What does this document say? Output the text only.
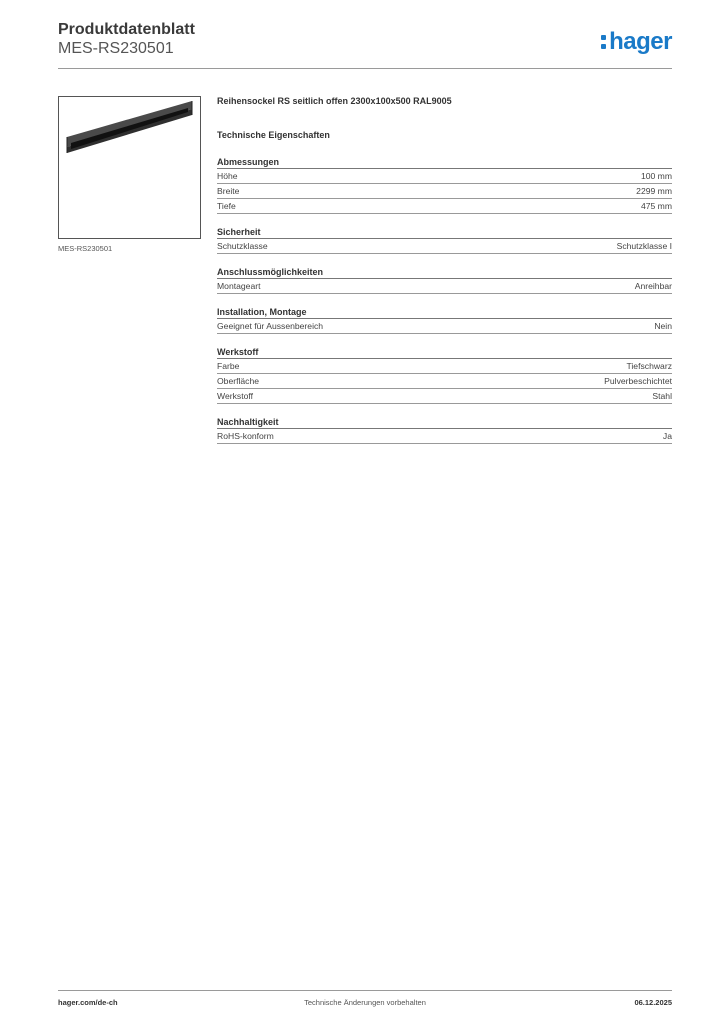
Produktdatenblatt
MES-RS230501	hager
MES-RS230501
Reihensockel RS seitlich offen 2300x100x500 RAL9005
Technische Eigenschaften
Abmessungen
Höhe	100 mm
Breite	2299 mm
Tiefe	475 mm
Sicherheit
Schutzklasse	Schutzklasse I
Anschlussmöglichkeiten
Montageart	Anreihbar
Installation, Montage
Geeignet für Aussenbereich	Nein
Werkstoff
Farbe	Tiefschwarz
Oberfläche	Pulverbeschichtet
Werkstoff	Stahl
Nachhaltigkeit
RoHS-konform	Ja
hager.com/de-ch	Technische Änderungen vorbehalten	06.12.2025
